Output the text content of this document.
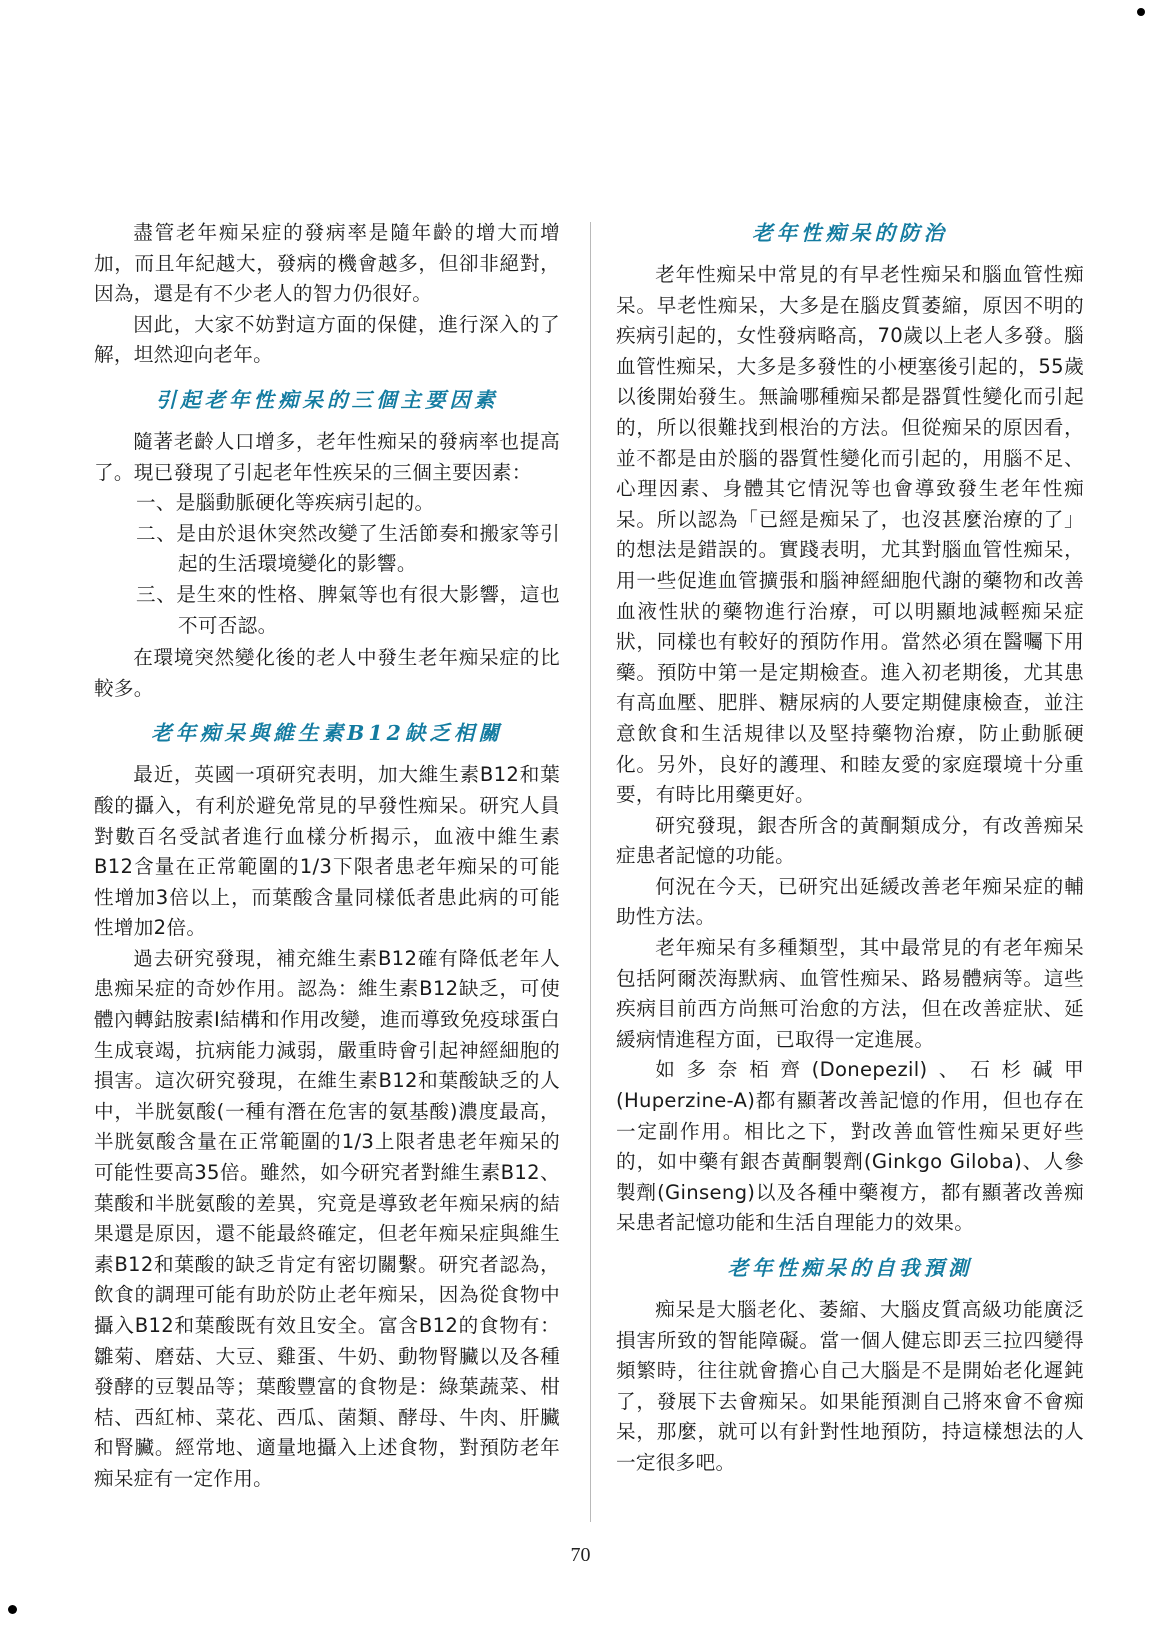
盡管老年痴呆症的發病率是隨年齡的增大而增加，而且年紀越大，發病的機會越多，但卻非絕對，因為，還是有不少老人的智力仍很好。

因此，大家不妨對這方面的保健，進行深入的了解，坦然迎向老年。

引起老年性痴呆的三個主要因素

隨著老齡人口增多，老年性痴呆的發病率也提高了。現已發現了引起老年性疾呆的三個主要因素：

一、是腦動脈硬化等疾病引起的。
二、是由於退休突然改變了生活節奏和搬家等引起的生活環境變化的影響。
三、是生來的性格、脾氣等也有很大影響，這也不可否認。

在環境突然變化後的老人中發生老年痴呆症的比較多。

老年痴呆與維生素B12缺乏相關

最近，英國一項研究表明，加大維生素B12和葉酸的攝入，有利於避免常見的早發性痴呆。研究人員對數百名受試者進行血樣分析揭示，血液中維生素B12含量在正常範圍的1/3下限者患老年痴呆的可能性增加3倍以上，而葉酸含量同樣低者患此病的可能性增加2倍。

過去研究發現，補充維生素B12確有降低老年人患痴呆症的奇妙作用。認為：維生素B12缺乏，可使體內轉鈷胺素Ⅰ結構和作用改變，進而導致免疫球蛋白生成衰竭，抗病能力減弱，嚴重時會引起神經細胞的損害。這次研究發現，在維生素B12和葉酸缺乏的人中，半胱氨酸(一種有潛在危害的氨基酸)濃度最高，半胱氨酸含量在正常範圍的1/3上限者患老年痴呆的可能性要高35倍。雖然，如今研究者對維生素B12、葉酸和半胱氨酸的差異，究竟是導致老年痴呆病的結果還是原因，還不能最終確定，但老年痴呆症與維生素B12和葉酸的缺乏肯定有密切關繫。研究者認為，飲食的調理可能有助於防止老年痴呆，因為從食物中攝入B12和葉酸既有效且安全。富含B12的食物有：雛菊、磨菇、大豆、雞蛋、牛奶、動物腎臟以及各種發酵的豆製品等；葉酸豐富的食物是：綠葉蔬菜、柑桔、西紅柿、菜花、西瓜、菌類、酵母、牛肉、肝臟和腎臟。經常地、適量地攝入上述食物，對預防老年痴呆症有一定作用。

老年性痴呆的防治

老年性痴呆中常見的有早老性痴呆和腦血管性痴呆。早老性痴呆，大多是在腦皮質萎縮，原因不明的疾病引起的，女性發病略高，70歲以上老人多發。腦血管性痴呆，大多是多發性的小梗塞後引起的，55歲以後開始發生。無論哪種痴呆都是器質性變化而引起的，所以很難找到根治的方法。但從痴呆的原因看，並不都是由於腦的器質性變化而引起的，用腦不足、心理因素、身體其它情況等也會導致發生老年性痴呆。所以認為「已經是痴呆了，也沒甚麼治療的了」的想法是錯誤的。實踐表明，尤其對腦血管性痴呆，用一些促進血管擴張和腦神經細胞代謝的藥物和改善血液性狀的藥物進行治療，可以明顯地減輕痴呆症狀，同樣也有較好的預防作用。當然必須在醫囑下用藥。預防中第一是定期檢查。進入初老期後，尤其患有高血壓、肥胖、糖尿病的人要定期健康檢查，並注意飲食和生活規律以及堅持藥物治療，防止動脈硬化。另外，良好的護理、和睦友愛的家庭環境十分重要，有時比用藥更好。

研究發現，銀杏所含的黃酮類成分，有改善痴呆症患者記憶的功能。

何況在今天，已研究出延緩改善老年痴呆症的輔助性方法。

老年痴呆有多種類型，其中最常見的有老年痴呆包括阿爾茨海默病、血管性痴呆、路易體病等。這些疾病目前西方尚無可治愈的方法，但在改善症狀、延緩病情進程方面，已取得一定進展。

如多奈栢齊(Donepezil)、石杉碱甲(Huperzine-A)都有顯著改善記憶的作用，但也存在一定副作用。相比之下，對改善血管性痴呆更好些的，如中藥有銀杏黃酮製劑(Ginkgo Giloba)、人參製劑(Ginseng)以及各種中藥複方，都有顯著改善痴呆患者記憶功能和生活自理能力的效果。

老年性痴呆的自我預測

痴呆是大腦老化、萎縮、大腦皮質高級功能廣泛損害所致的智能障礙。當一個人健忘即丟三拉四變得頻繁時，往往就會擔心自己大腦是不是開始老化遲鈍了，發展下去會痴呆。如果能預測自己將來會不會痴呆，那麼，就可以有針對性地預防，持這樣想法的人一定很多吧。

70
